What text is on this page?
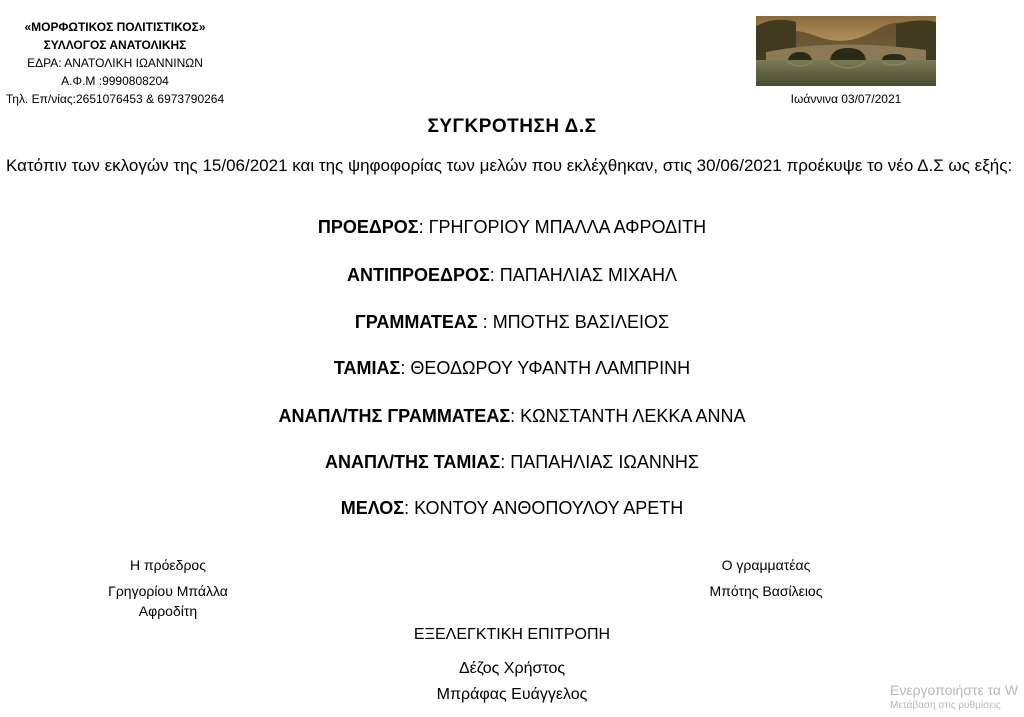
«ΜΟΡΦΩΤΙΚΟΣ ΠΟΛΙΤΙΣΤΙΚΟΣ»
ΣΥΛΛΟΓΟΣ ΑΝΑΤΟΛΙΚΗΣ
ΕΔΡΑ: ΑΝΑΤΟΛΙΚΗ ΙΩΑΝΝΙΝΩΝ
Α.Φ.Μ :9990808204
Τηλ. Επ/νίας:2651076453 & 6973790264	Ιωάννινα 03/07/2021
ΣΥΓΚΡΟΤΗΣΗ Δ.Σ
Κατόπιν των εκλογών της 15/06/2021 και της ψηφοφορίας των μελών που εκλέχθηκαν, στις 30/06/2021 προέκυψε το νέο Δ.Σ ως εξής:
ΠΡΟΕΔΡΟΣ: ΓΡΗΓΟΡΙΟΥ ΜΠΑΛΛΑ ΑΦΡΟΔΙΤΗ
ΑΝΤΙΠΡΟΕΔΡΟΣ: ΠΑΠΑΗΛΙΑΣ ΜΙΧΑΗΛ
ΓΡΑΜΜΑΤΕΑΣ : ΜΠΟΤΗΣ ΒΑΣΙΛΕΙΟΣ
ΤΑΜΙΑΣ: ΘΕΟΔΩΡΟΥ ΥΦΑΝΤΗ ΛΑΜΠΡΙΝΗ
ΑΝΑΠΛ/ΤΗΣ ΓΡΑΜΜΑΤΕΑΣ: ΚΩΝΣΤΑΝΤΗ ΛΕΚΚΑ ΑΝΝΑ
ΑΝΑΠΛ/ΤΗΣ ΤΑΜΙΑΣ: ΠΑΠΑΗΛΙΑΣ ΙΩΑΝΝΗΣ
ΜΕΛΟΣ: ΚΟΝΤΟΥ ΑΝΘΟΠΟΥΛΟΥ ΑΡΕΤΗ
Η πρόεδρος
Γρηγορίου Μπάλλα Αφροδίτη
Ο γραμματέας
Μπότης Βασίλειος
ΕΞΕΛΕΓΚΤΙΚΗ ΕΠΙΤΡΟΠΗ
Δέζος Χρήστος
Μπράφας Ευάγγελος	Ενεργοποιήστε τα W
Μετάβαση στις ρυθμίσεις
